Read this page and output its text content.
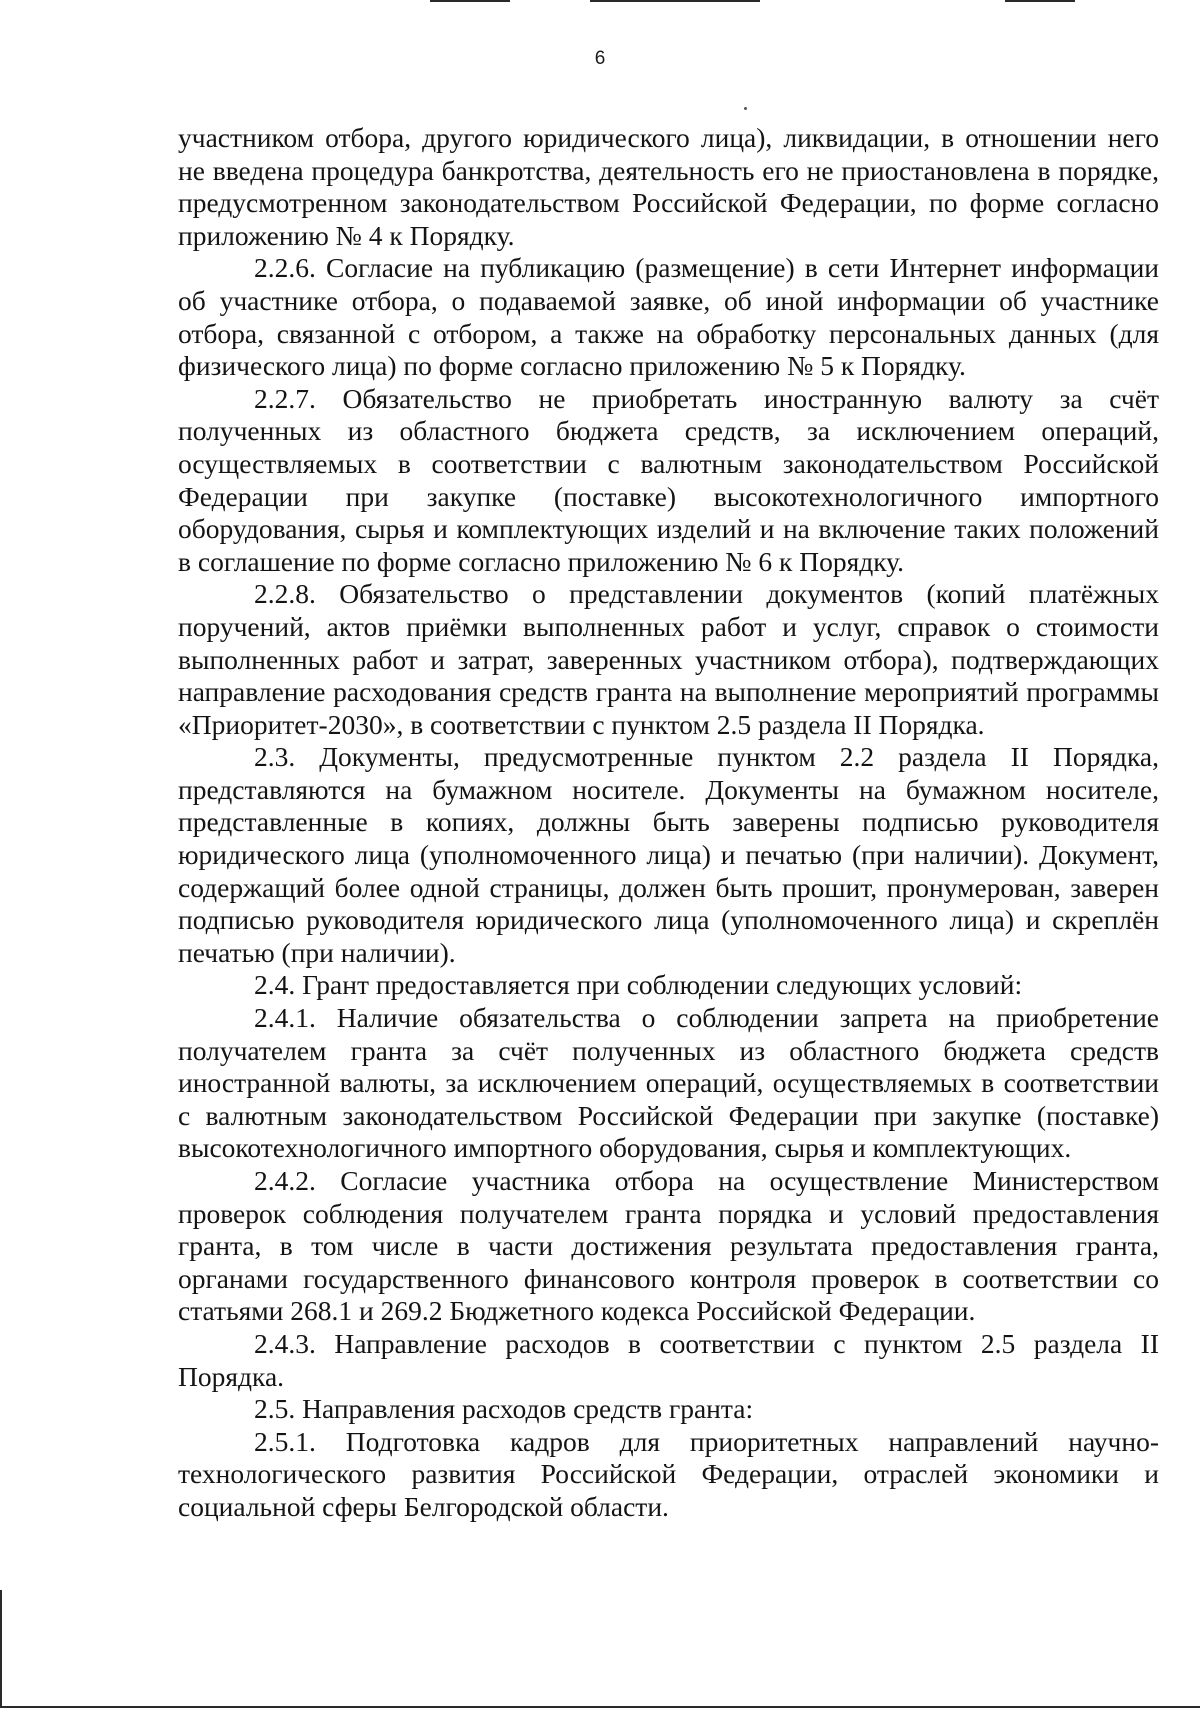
6

участником отбора, другого юридического лица), ликвидации, в отношении него не введена процедура банкротства, деятельность его не приостановлена в порядке, предусмотренном законодательством Российской Федерации, по форме согласно приложению № 4 к Порядку.

2.2.6. Согласие на публикацию (размещение) в сети Интернет информации об участнике отбора, о подаваемой заявке, об иной информации об участнике отбора, связанной с отбором, а также на обработку персональных данных (для физического лица) по форме согласно приложению № 5 к Порядку.

2.2.7. Обязательство не приобретать иностранную валюту за счёт полученных из областного бюджета средств, за исключением операций, осуществляемых в соответствии с валютным законодательством Российской Федерации при закупке (поставке) высокотехнологичного импортного оборудования, сырья и комплектующих изделий и на включение таких положений в соглашение по форме согласно приложению № 6 к Порядку.

2.2.8. Обязательство о представлении документов (копий платёжных поручений, актов приёмки выполненных работ и услуг, справок о стоимости выполненных работ и затрат, заверенных участником отбора), подтверждающих направление расходования средств гранта на выполнение мероприятий программы «Приоритет-2030», в соответствии с пунктом 2.5 раздела II Порядка.

2.3. Документы, предусмотренные пунктом 2.2 раздела II Порядка, представляются на бумажном носителе. Документы на бумажном носителе, представленные в копиях, должны быть заверены подписью руководителя юридического лица (уполномоченного лица) и печатью (при наличии). Документ, содержащий более одной страницы, должен быть прошит, пронумерован, заверен подписью руководителя юридического лица (уполномоченного лица) и скреплён печатью (при наличии).

2.4. Грант предоставляется при соблюдении следующих условий:

2.4.1. Наличие обязательства о соблюдении запрета на приобретение получателем гранта за счёт полученных из областного бюджета средств иностранной валюты, за исключением операций, осуществляемых в соответствии с валютным законодательством Российской Федерации при закупке (поставке) высокотехнологичного импортного оборудования, сырья и комплектующих.

2.4.2. Согласие участника отбора на осуществление Министерством проверок соблюдения получателем гранта порядка и условий предоставления гранта, в том числе в части достижения результата предоставления гранта, органами государственного финансового контроля проверок в соответствии со статьями 268.1 и 269.2 Бюджетного кодекса Российской Федерации.

2.4.3. Направление расходов в соответствии с пунктом 2.5 раздела II Порядка.

2.5. Направления расходов средств гранта:

2.5.1. Подготовка кадров для приоритетных направлений научно-технологического развития Российской Федерации, отраслей экономики и социальной сферы Белгородской области.
